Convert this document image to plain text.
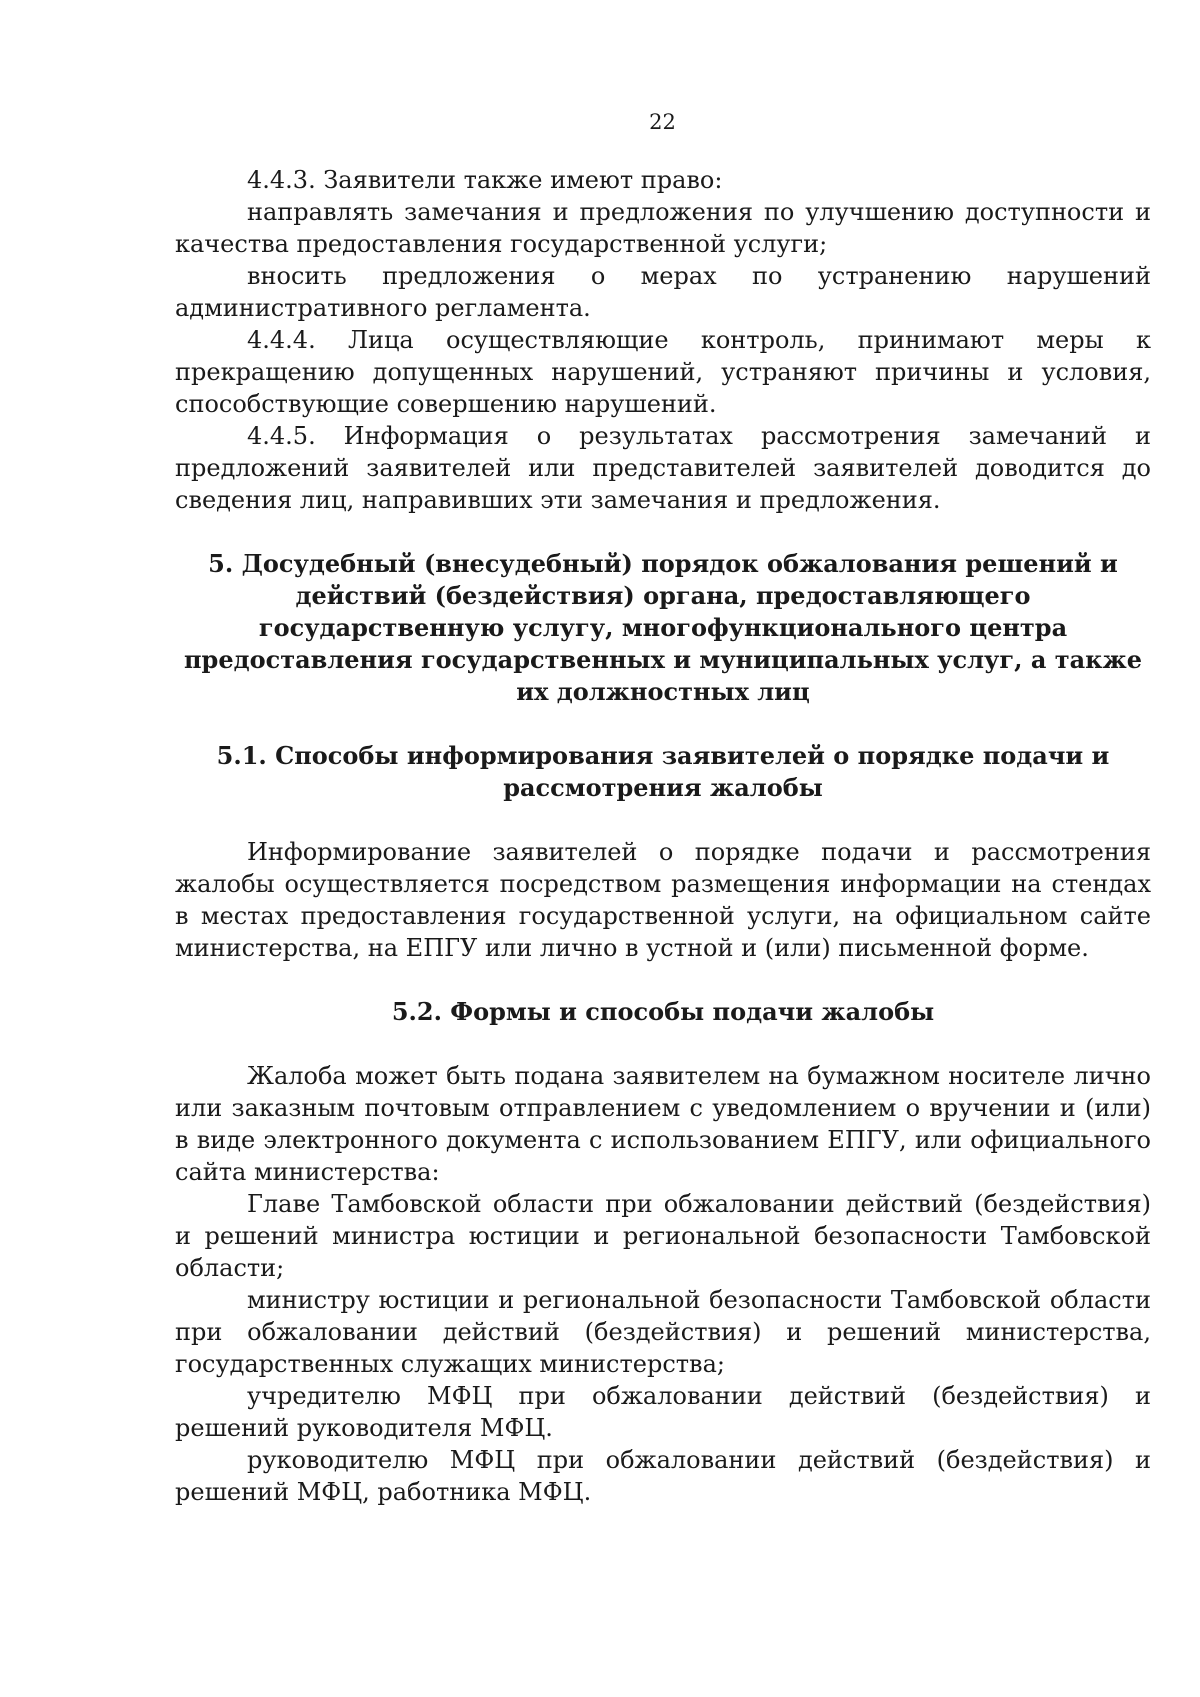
22

4.4.3. Заявители также имеют право:

направлять замечания и предложения по улучшению доступности и качества предоставления государственной услуги;

вносить предложения о мерах по устранению нарушений административного регламента.

4.4.4. Лица осуществляющие контроль, принимают меры к прекращению допущенных нарушений, устраняют причины и условия, способствующие совершению нарушений.

4.4.5. Информация о результатах рассмотрения замечаний и предложений заявителей или представителей заявителей доводится до сведения лиц, направивших эти замечания и предложения.

5. Досудебный (внесудебный) порядок обжалования решений и действий (бездействия) органа, предоставляющего государственную услугу, многофункционального центра предоставления государственных и муниципальных услуг, а также их должностных лиц

5.1. Способы информирования заявителей о порядке подачи и рассмотрения жалобы

Информирование заявителей о порядке подачи и рассмотрения жалобы осуществляется посредством размещения информации на стендах в местах предоставления государственной услуги, на официальном сайте министерства, на ЕПГУ или лично в устной и (или) письменной форме.

5.2. Формы и способы подачи жалобы

Жалоба может быть подана заявителем на бумажном носителе лично или заказным почтовым отправлением с уведомлением о вручении и (или) в виде электронного документа с использованием ЕПГУ, или официального сайта министерства:

Главе Тамбовской области при обжаловании действий (бездействия) и решений министра юстиции и региональной безопасности Тамбовской области;

министру юстиции и региональной безопасности Тамбовской области при обжаловании действий (бездействия) и решений министерства, государственных служащих министерства;

учредителю МФЦ при обжаловании действий (бездействия) и решений руководителя МФЦ.

руководителю МФЦ при обжаловании действий (бездействия) и решений МФЦ, работника МФЦ.
